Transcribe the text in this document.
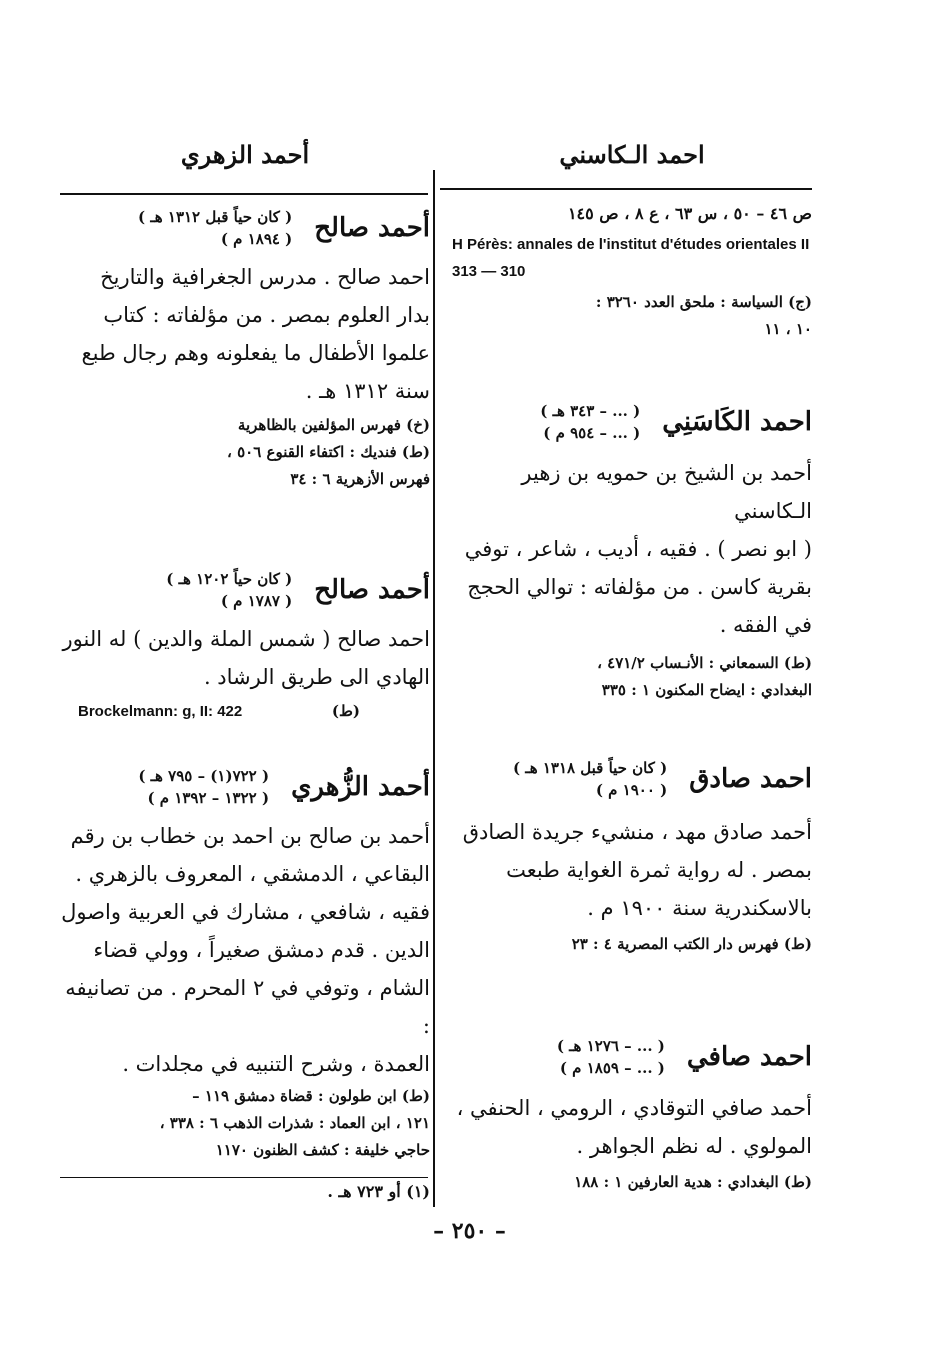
احمد الـكاسني
أحمد الزهري
ص ٤٦ – ٥٠ ، س ٦٣ ، ع ٨ ، ص ١٤٥
H Pérès: annales de l'institut d'études orientales II 313 — 310
(ج) السياسة : ملحق العدد ٣٢٦٠ :
١٠ ، ١١
احمد الكَاسَنِي
( ... – ٣٤٣ هـ )
( ... – ٩٥٤ م )
أحمد بن الشيخ بن حمويه بن زهير الـكاسني
( ابو نصر ) . فقيه ، أديب ، شاعر ، توفي
بقرية كاسن . من مؤلفاته : توالي الحجج
في الفقه .
(ط) السمعاني : الأنـساب ٤٧١/٢ ،
البغدادي : ايضاح المكنون ١ : ٣٣٥
احمد صادق
( كان حياً قبل ١٣١٨ هـ )
( ١٩٠٠ م )
أحمد صادق مهد ، منشيء جريدة الصادق
بمصر . له رواية ثمرة الغواية طبعت
بالاسكندرية سنة ١٩٠٠ م .
(ط) فهرس دار الكتب المصرية ٤ : ٢٣
احمد صافي
( ... – ١٢٧٦ هـ )
( ... – ١٨٥٩ م )
أحمد صافي التوقادي ، الرومي ، الحنفي ،
المولوي . له نظم الجواهر .
(ط) البغدادي : هدية العارفين ١ : ١٨٨
أحمد صالح
( كان حياً قبل ١٣١٢ هـ )
( ١٨٩٤ م )
احمد صالح . مدرس الجغرافية والتاريخ
بدار العلوم بمصر . من مؤلفاته : كتاب
علموا الأطفال ما يفعلونه وهم رجال طبع
سنة ١٣١٢ هـ .
(خ) فهرس المؤلفين بالظاهرية
(ط) فنديك : اكتفاء القنوع ٥٠٦ ،
فهرس الأزهرية ٦ : ٣٤
أحمد صالح
( كان حياً ١٢٠٢ هـ )
( ١٧٨٧ م )
احمد صالح ( شمس الملة والدين ) له النور
الهادي الى طريق الرشاد .
(ط)
Brockelmann: g, II: 422
أحمد الزُّهري
( ٧٢٢(١) – ٧٩٥ هـ )
( ١٣٢٢ – ١٣٩٢ م )
أحمد بن صالح بن احمد بن خطاب بن رقم
البقاعي ، الدمشقي ، المعروف بالزهري .
فقيه ، شافعي ، مشارك في العربية واصول
الدين . قدم دمشق صغيراً ، وولي قضاء
الشام ، وتوفي في ٢ المحرم . من تصانيفه :
العمدة ، وشرح التنبيه في مجلدات .
(ط) ابن طولون : قضاة دمشق ١١٩ –
١٢١ ، ابن العماد : شذرات الذهب ٦ : ٣٣٨ ،
حاجي خليفة : كشف الظنون ١١٧٠
(١) أو ٧٢٣ هـ .
– ٢٥٠ –
